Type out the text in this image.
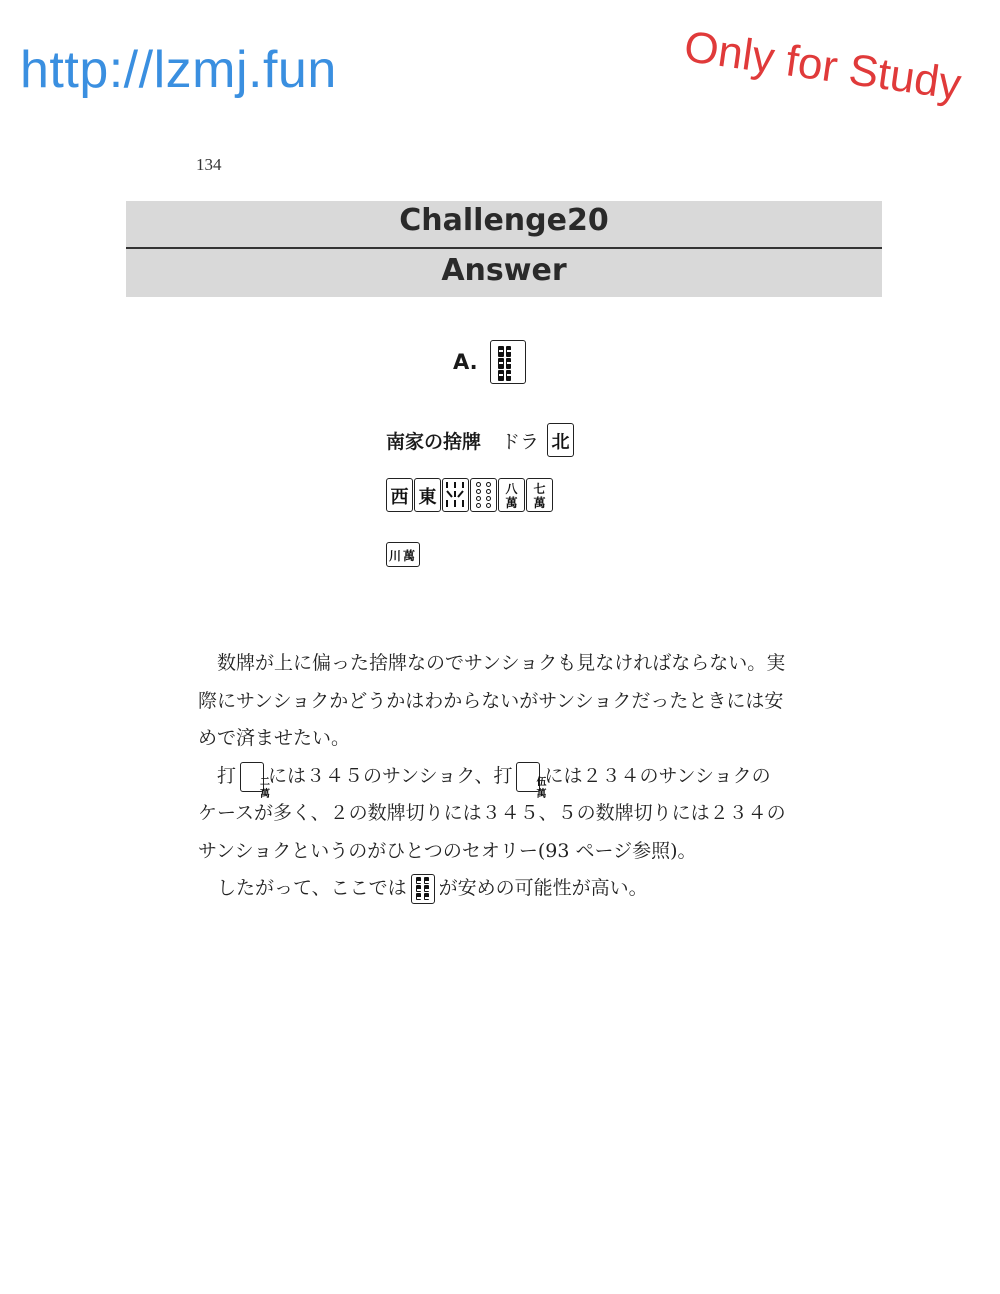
http://lzmj.fun	Only for Study
134
Challenge20
Answer
A.
南家の捨牌 ドラ 北
西 東	八
萬
七
萬
川 萬

数牌が上に偏った捨牌なのでサンショクも見なければならない。実際にサンショクかどうかはわからないがサンショクだったときには安めで済ませたい。

打	二
萬
には３４５のサンショク、打	伍
萬
には２３４のサンショクのケースが多く、２の数牌切りには３４５、５の数牌切りには２３４のサンショクというのがひとつのセオリー(93 ページ参照)。

したがって、ここでは が安めの可能性が高い。
